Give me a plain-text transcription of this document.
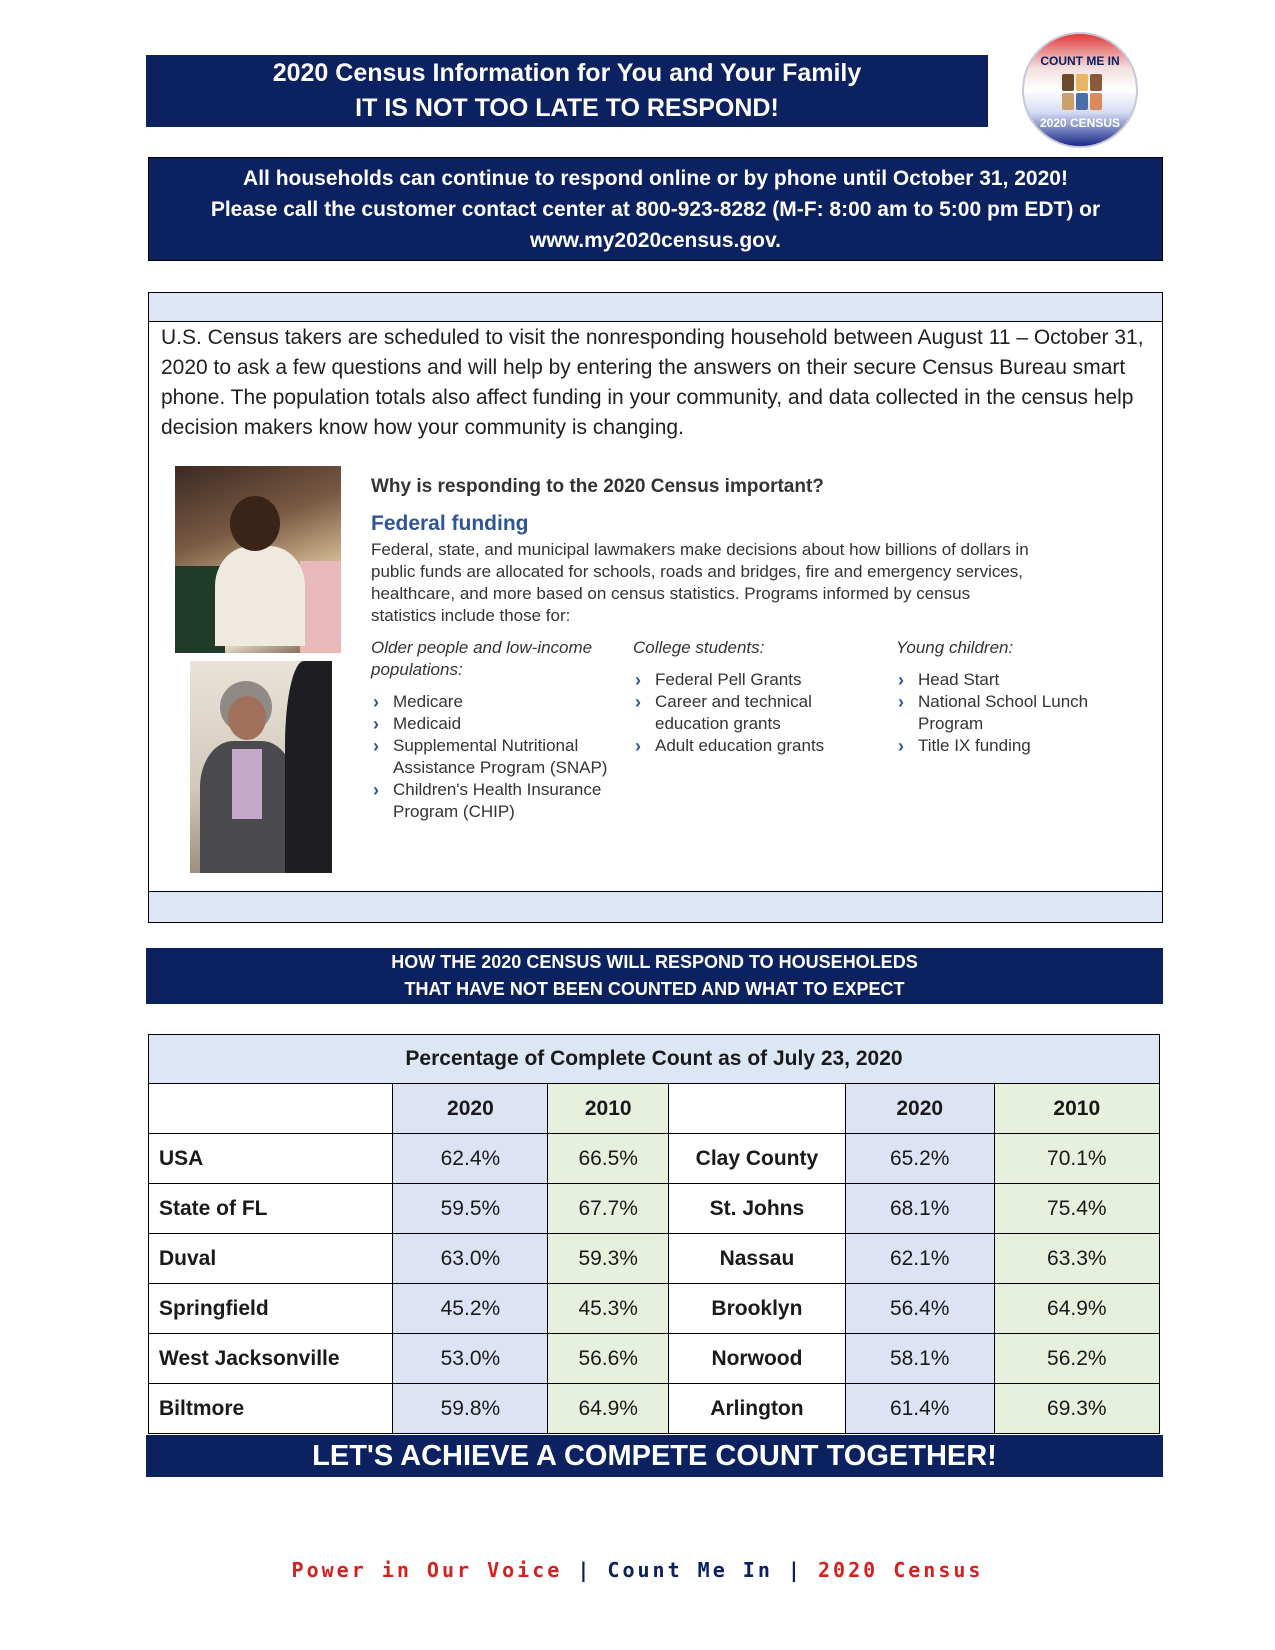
2020 Census Information for You and Your Family
IT IS NOT TOO LATE TO RESPOND!
COUNT ME IN
2020 CENSUS
All households can continue to respond online or by phone until October 31, 2020!
Please call the customer contact center at 800-923-8282 (M-F: 8:00 am to 5:00 pm EDT) or
www.my2020census.gov.

U.S. Census takers are scheduled to visit the nonresponding household between August 11 – October 31, 2020 to ask a few questions and will help by entering the answers on their secure Census Bureau smart phone. The population totals also affect funding in your community, and data collected in the census help decision makers know how your community is changing.

Why is responding to the 2020 Census important?
Federal funding

Federal, state, and municipal lawmakers make decisions about how billions of dollars in public funds are allocated for schools, roads and bridges, fire and emergency services, healthcare, and more based on census statistics. Programs informed by census statistics include those for:

Older people and low-income populations:
› Medicare
› Medicaid
› Supplemental Nutritional Assistance Program (SNAP)
› Children's Health Insurance Program (CHIP)
College students:
› Federal Pell Grants
› Career and technical education grants
› Adult education grants
Young children:
› Head Start
› National School Lunch Program
› Title IX funding
HOW THE 2020 CENSUS WILL RESPOND TO HOUSEHOLEDS
THAT HAVE NOT BEEN COUNTED AND WHAT TO EXPECT
Percentage of Complete Count as of July 23, 2020					
	2020	2010		2020	2010
USA	62.4%	66.5%	Clay County	65.2%	70.1%
State of FL	59.5%	67.7%	St. Johns	68.1%	75.4%
Duval	63.0%	59.3%	Nassau	62.1%	63.3%
Springfield	45.2%	45.3%	Brooklyn	56.4%	64.9%
West Jacksonville	53.0%	56.6%	Norwood	58.1%	56.2%
Biltmore	59.8%	64.9%	Arlington	61.4%	69.3%
LET'S ACHIEVE A COMPETE COUNT TOGETHER!
Power in Our Voice | Count Me In | 2020 Census
